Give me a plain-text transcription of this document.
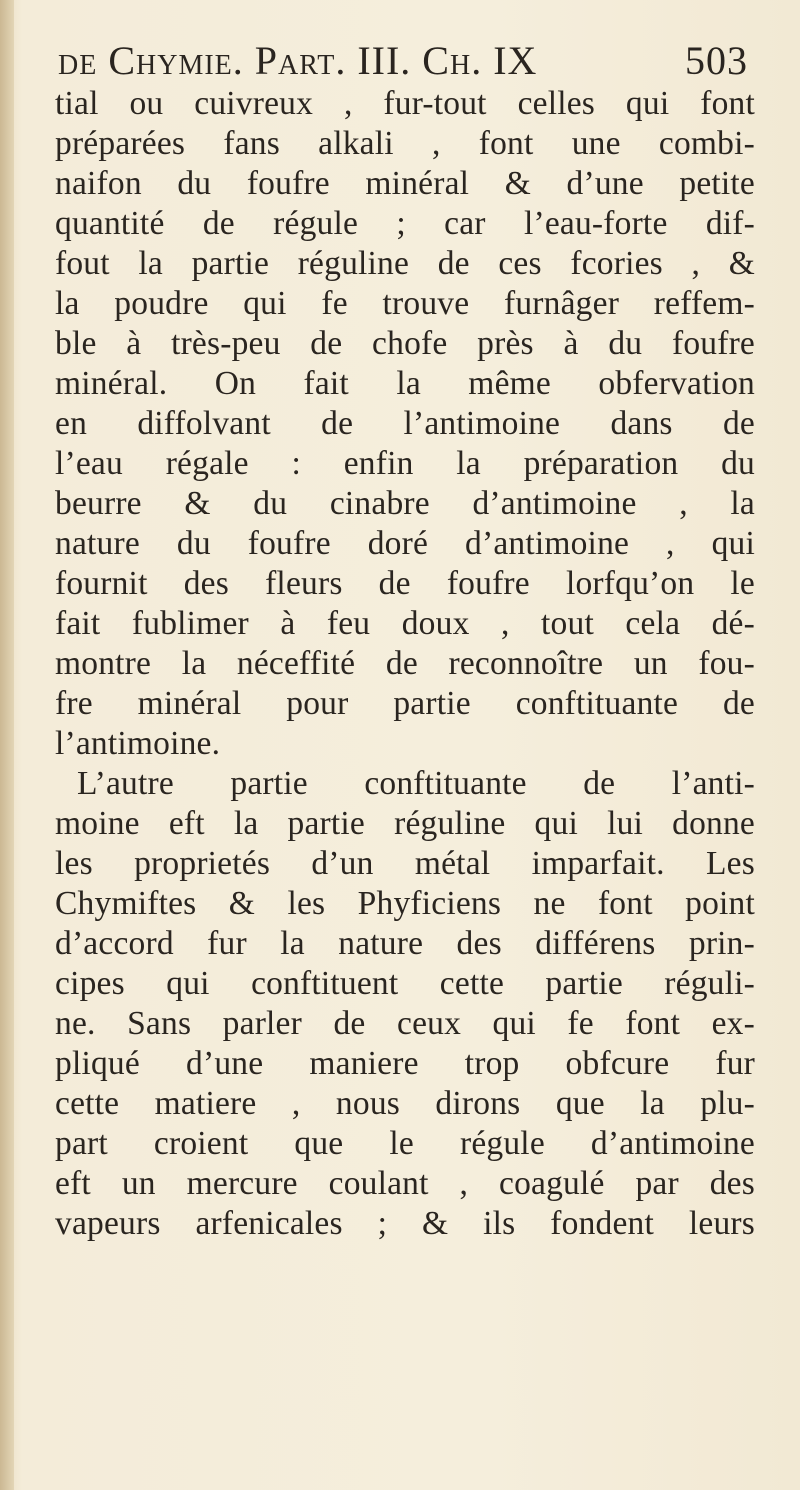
de Chymie. Part. III. Ch. IX	503
tial ou cuivreux , fur-tout celles qui font
préparées fans alkali , font une combi-
naifon du foufre minéral & d’une petite
quantité de régule ; car l’eau-forte dif-
fout la partie réguline de ces fcories , &
la poudre qui fe trouve furnâger reffem-
ble à très-peu de chofe près à du foufre
minéral. On fait la même obfervation
en diffolvant de l’antimoine dans de
l’eau régale : enfin la préparation du
beurre & du cinabre d’antimoine , la
nature du foufre doré d’antimoine , qui
fournit des fleurs de foufre lorfqu’on le
fait fublimer à feu doux , tout cela dé-
montre la néceffité de reconnoître un fou-
fre minéral pour partie conftituante de
l’antimoine.
L’autre partie conftituante de l’anti-
moine eft la partie réguline qui lui donne
les proprietés d’un métal imparfait. Les
Chymiftes & les Phyficiens ne font point
d’accord fur la nature des différens prin-
cipes qui conftituent cette partie réguli-
ne. Sans parler de ceux qui fe font ex-
pliqué d’une maniere trop obfcure fur
cette matiere , nous dirons que la plu-
part croient que le régule d’antimoine
eft un mercure coulant , coagulé par des
vapeurs arfenicales ; & ils fondent leurs
